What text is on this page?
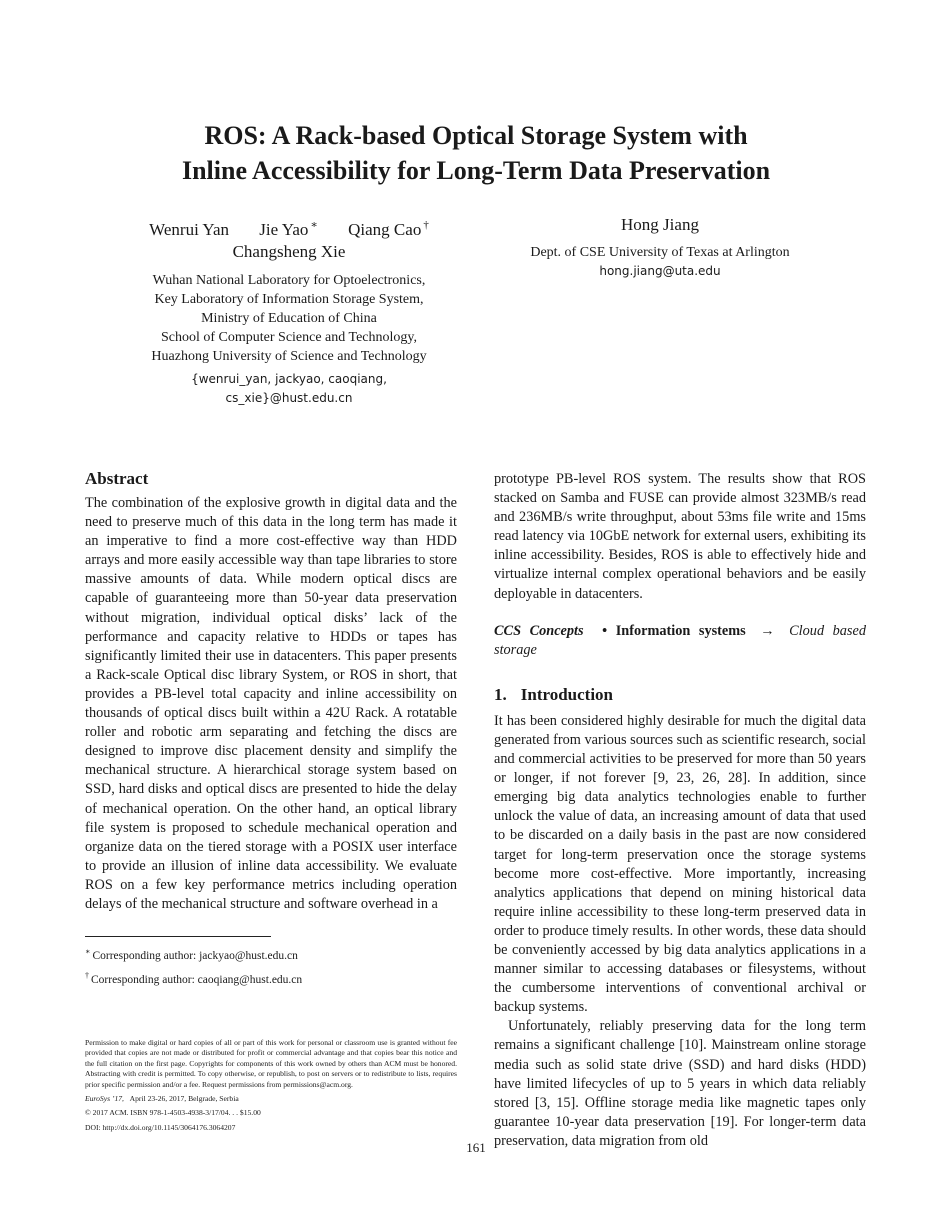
ROS: A Rack-based Optical Storage System with
Inline Accessibility for Long-Term Data Preservation
Wenrui Yan Jie Yao ∗ Qiang Cao †
Changsheng Xie
Wuhan National Laboratory for Optoelectronics,
Key Laboratory of Information Storage System,
Ministry of Education of China
School of Computer Science and Technology,
Huazhong University of Science and Technology
{wenrui_yan, jackyao, caoqiang,
cs_xie}@hust.edu.cn
Hong Jiang
Dept. of CSE University of Texas at Arlington
hong.jiang@uta.edu
Abstract

The combination of the explosive growth in digital data and the need to preserve much of this data in the long term has made it an imperative to find a more cost-effective way than HDD arrays and more easily accessible way than tape libraries to store massive amounts of data. While modern optical discs are capable of guaranteeing more than 50-year data preservation without migration, individual optical disks’ lack of the performance and capacity relative to HDDs or tapes has significantly limited their use in datacenters. This paper presents a Rack-scale Optical disc library System, or ROS in short, that provides a PB-level total capacity and inline accessibility on thousands of optical discs built within a 42U Rack. A rotatable roller and robotic arm separating and fetching the discs are designed to improve disc placement density and simplify the mechanical structure. A hierarchical storage system based on SSD, hard disks and optical discs are presented to hide the delay of mechanical operation. On the other hand, an optical library file system is proposed to schedule mechanical operation and organize data on the tiered storage with a POSIX user interface to provide an illusion of inline data accessibility. We evaluate ROS on a few key performance metrics including operation delays of the mechanical structure and software overhead in a

∗ Corresponding author: jackyao@hust.edu.cn
† Corresponding author: caoqiang@hust.edu.cn
Permission to make digital or hard copies of all or part of this work for personal or classroom use is granted without fee provided that copies are not made or distributed for profit or commercial advantage and that copies bear this notice and the full citation on the first page. Copyrights for components of this work owned by others than ACM must be honored. Abstracting with credit is permitted. To copy otherwise, or republish, to post on servers or to redistribute to lists, requires prior specific permission and/or a fee. Request permissions from permissions@acm.org.
EuroSys ’17, April 23-26, 2017, Belgrade, Serbia
© 2017 ACM. ISBN 978-1-4503-4938-3/17/04. . . $15.00
DOI: http://dx.doi.org/10.1145/3064176.3064207

prototype PB-level ROS system. The results show that ROS stacked on Samba and FUSE can provide almost 323MB/s read and 236MB/s write throughput, about 53ms file write and 15ms read latency via 10GbE network for external users, exhibiting its inline accessibility. Besides, ROS is able to effectively hide and virtualize internal complex operational behaviors and be easily deployable in datacenters.

CCS Concepts • Information systems → Cloud based storage
1. Introduction

It has been considered highly desirable for much the digital data generated from various sources such as scientific research, social and commercial activities to be preserved for more than 50 years or longer, if not forever [9, 23, 26, 28]. In addition, since emerging big data analytics technologies enable to further unlock the value of data, an increasing amount of data that used to be discarded on a daily basis in the past are now considered target for long-term preservation once the storage systems become more cost-effective. More importantly, increasing analytics applications that depend on mining historical data require inline accessibility to these long-term preserved data in order to produce timely results. In other words, these data should be conveniently accessed by big data analytics applications in a manner similar to accessing databases or filesystems, without the cumbersome interventions of conventional archival or backup systems.

Unfortunately, reliably preserving data for the long term remains a significant challenge [10]. Mainstream online storage media such as solid state drive (SSD) and hard disks (HDD) have limited lifecycles of up to 5 years in which data reliably stored [3, 15]. Offline storage media like magnetic tapes only guarantee 10-year data preservation [19]. For longer-term data preservation, data migration from old

161
